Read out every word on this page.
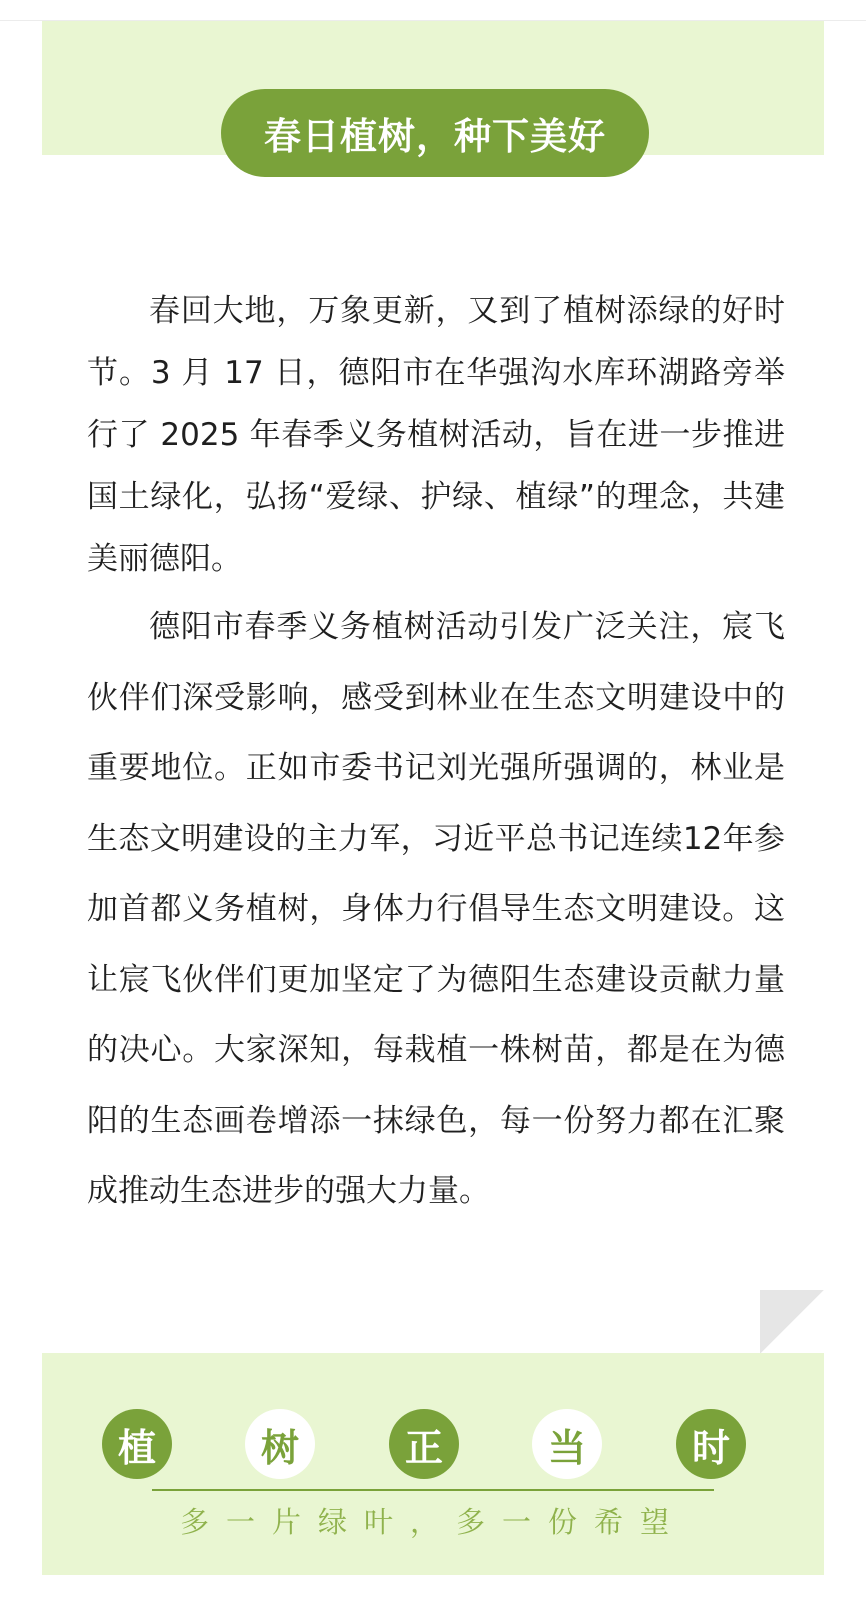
春日植树，种下美好

春回大地，万象更新，又到了植树添绿的好时节。3 月 17 日，德阳市在华强沟水库环湖路旁举行了 2025 年春季义务植树活动，旨在进一步推进国土绿化，弘扬“爱绿、护绿、植绿”的理念，共建美丽德阳。

德阳市春季义务植树活动引发广泛关注，宸飞伙伴们深受影响，感受到林业在生态文明建设中的重要地位。正如市委书记刘光强所强调的，林业是生态文明建设的主力军，习近平总书记连续12年参加首都义务植树，身体力行倡导生态文明建设。这让宸飞伙伴们更加坚定了为德阳生态建设贡献力量的决心。大家深知，每栽植一株树苗，都是在为德阳的生态画卷增添一抹绿色，每一份努力都在汇聚成推动生态进步的强大力量。

植	树	正	当	时
多一片绿叶，多一份希望
